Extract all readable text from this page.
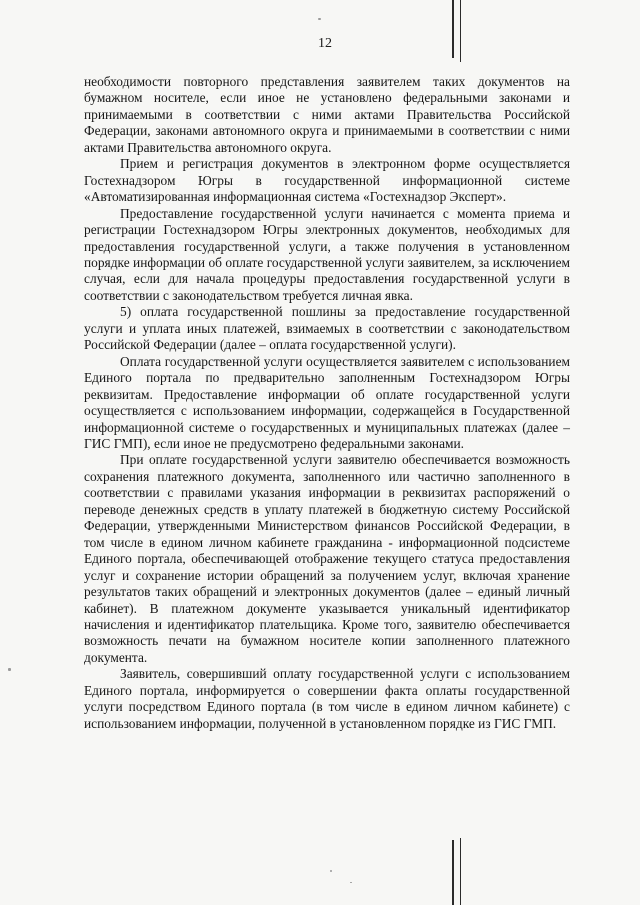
12

необходимости повторного представления заявителем таких документов на бумажном носителе, если иное не установлено федеральными законами и принимаемыми в соответствии с ними актами Правительства Российской Федерации, законами автономного округа и принимаемыми в соответствии с ними актами Правительства автономного округа.

Прием и регистрация документов в электронном форме осуществляется Гостехнадзором Югры в государственной информационной системе «Автоматизированная информационная система «Гостехнадзор Эксперт».

Предоставление государственной услуги начинается с момента приема и регистрации Гостехнадзором Югры электронных документов, необходимых для предоставления государственной услуги, а также получения в установленном порядке информации об оплате государственной услуги заявителем, за исключением случая, если для начала процедуры предоставления государственной услуги в соответствии с законодательством требуется личная явка.

5) оплата государственной пошлины за предоставление государственной услуги и уплата иных платежей, взимаемых в соответствии с законодательством Российской Федерации (далее – оплата государственной услуги).

Оплата государственной услуги осуществляется заявителем с использованием Единого портала по предварительно заполненным Гостехнадзором Югры реквизитам. Предоставление информации об оплате государственной услуги осуществляется с использованием информации, содержащейся в Государственной информационной системе о государственных и муниципальных платежах (далее – ГИС ГМП), если иное не предусмотрено федеральными законами.

При оплате государственной услуги заявителю обеспечивается возможность сохранения платежного документа, заполненного или частично заполненного в соответствии с правилами указания информации в реквизитах распоряжений о переводе денежных средств в уплату платежей в бюджетную систему Российской Федерации, утвержденными Министерством финансов Российской Федерации, в том числе в едином личном кабинете гражданина - информационной подсистеме Единого портала, обеспечивающей отображение текущего статуса предоставления услуг и сохранение истории обращений за получением услуг, включая хранение результатов таких обращений и электронных документов (далее – единый личный кабинет). В платежном документе указывается уникальный идентификатор начисления и идентификатор плательщика. Кроме того, заявителю обеспечивается возможность печати на бумажном носителе копии заполненного платежного документа.

Заявитель, совершивший оплату государственной услуги с использованием Единого портала, информируется о совершении факта оплаты государственной услуги посредством Единого портала (в том числе в едином личном кабинете) с использованием информации, полученной в установленном порядке из ГИС ГМП.
